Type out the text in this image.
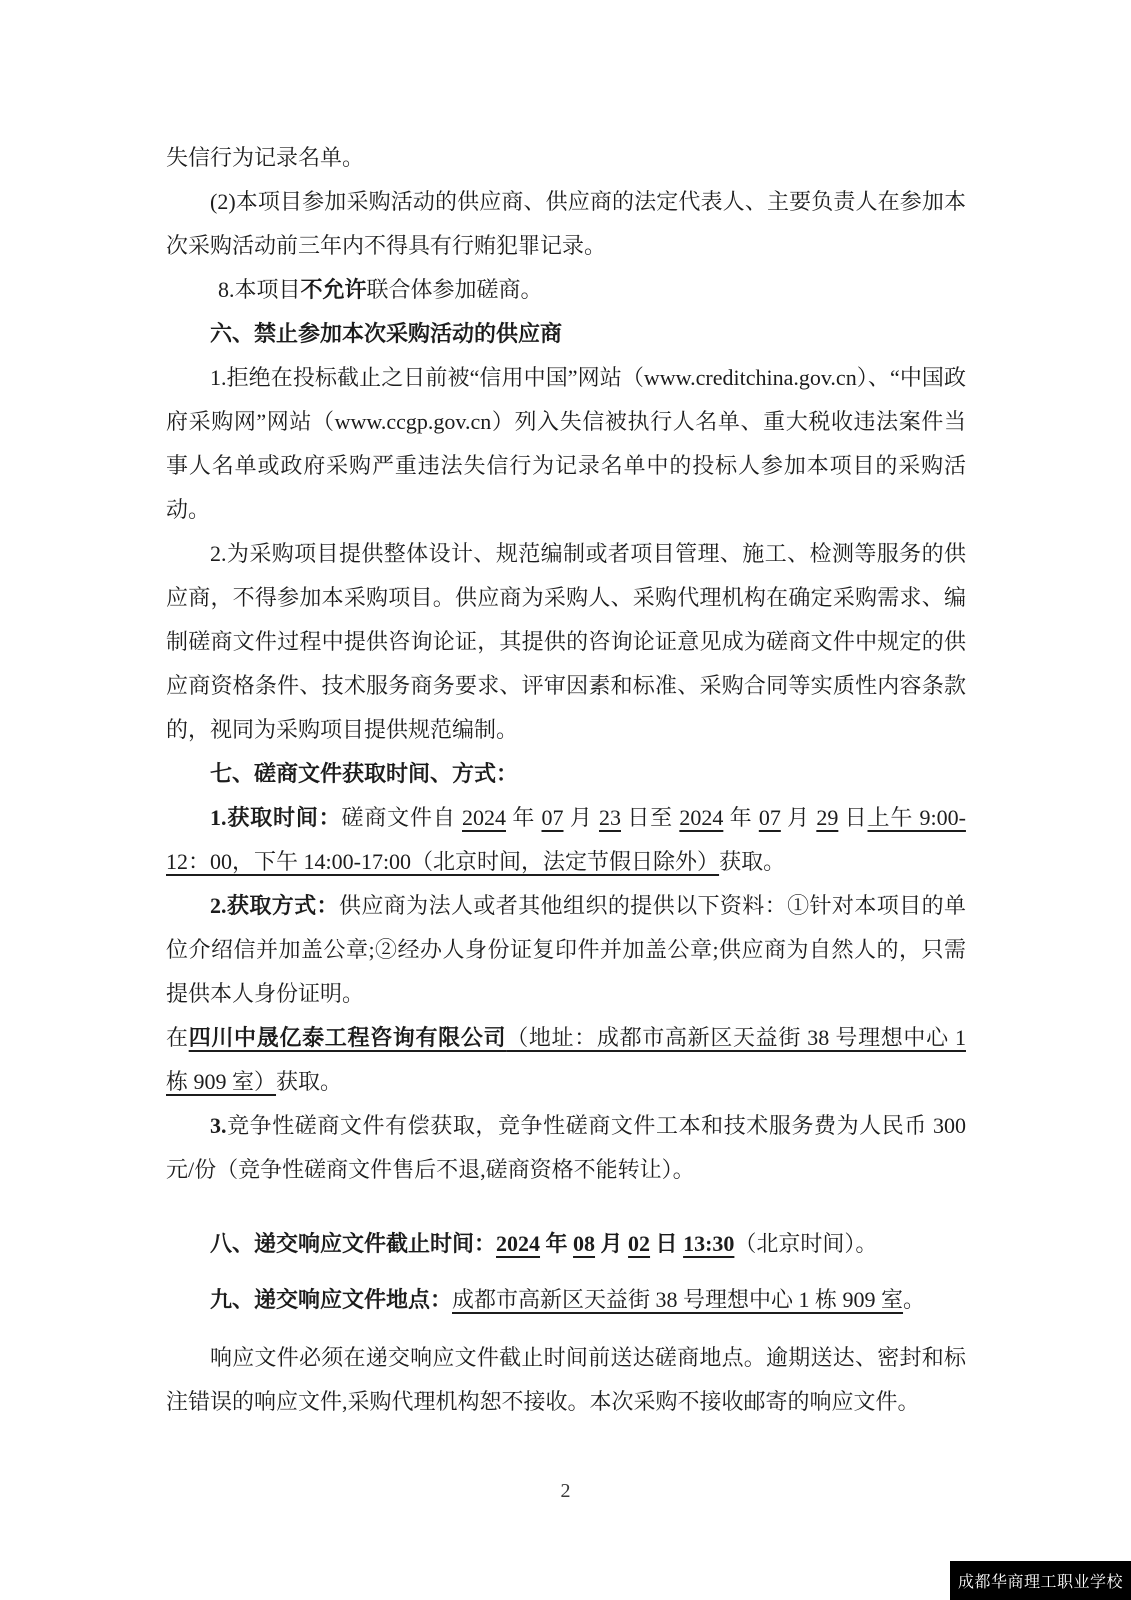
失信行为记录名单。

(2)本项目参加采购活动的供应商、供应商的法定代表人、主要负责人在参加本次采购活动前三年内不得具有行贿犯罪记录。

8.本项目不允许联合体参加磋商。

六、禁止参加本次采购活动的供应商

1.拒绝在投标截止之日前被“信用中国”网站（www.creditchina.gov.cn）、“中国政府采购网”网站（www.ccgp.gov.cn）列入失信被执行人名单、重大税收违法案件当事人名单或政府采购严重违法失信行为记录名单中的投标人参加本项目的采购活动。

2.为采购项目提供整体设计、规范编制或者项目管理、施工、检测等服务的供应商，不得参加本采购项目。供应商为采购人、采购代理机构在确定采购需求、编制磋商文件过程中提供咨询论证，其提供的咨询论证意见成为磋商文件中规定的供应商资格条件、技术服务商务要求、评审因素和标准、采购合同等实质性内容条款的，视同为采购项目提供规范编制。

七、磋商文件获取时间、方式：

1.获取时间：磋商文件自 2024 年 07 月 23 日至 2024 年 07 月 29 日上午 9:00-12：00，下午 14:00-17:00（北京时间，法定节假日除外）获取。

2.获取方式：供应商为法人或者其他组织的提供以下资料：①针对本项目的单位介绍信并加盖公章;②经办人身份证复印件并加盖公章;供应商为自然人的，只需提供本人身份证明。

在四川中晟亿泰工程咨询有限公司（地址：成都市高新区天益街 38 号理想中心 1 栋 909 室）获取。

3.竞争性磋商文件有偿获取，竞争性磋商文件工本和技术服务费为人民币 300 元/份（竞争性磋商文件售后不退,磋商资格不能转让）。

八、递交响应文件截止时间：2024 年 08 月 02 日 13:30（北京时间）。

九、递交响应文件地点：成都市高新区天益街 38 号理想中心 1 栋 909 室。

响应文件必须在递交响应文件截止时间前送达磋商地点。逾期送达、密封和标注错误的响应文件,采购代理机构恕不接收。本次采购不接收邮寄的响应文件。

2
成都华商理工职业学校
